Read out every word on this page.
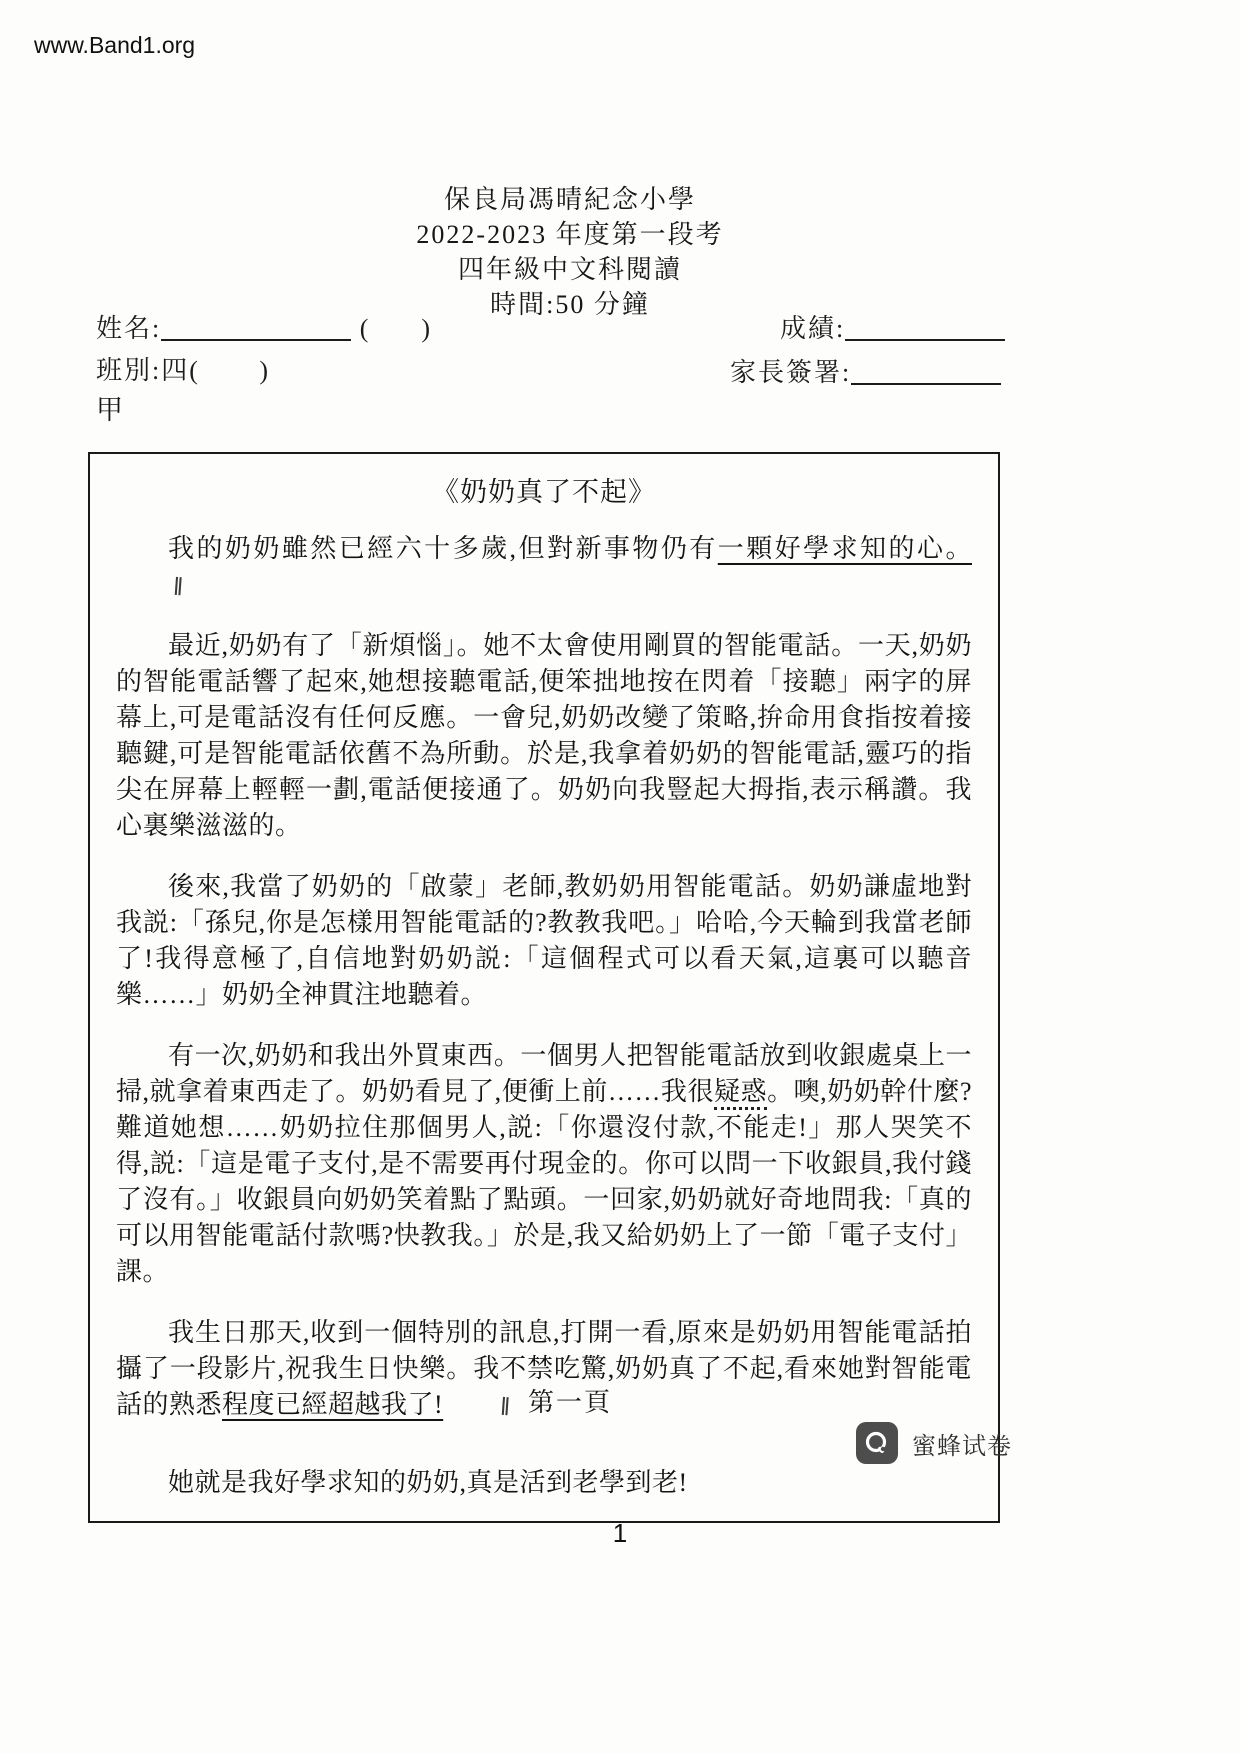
www.Band1.org
保良局馮晴紀念小學
2022-2023 年度第一段考
四年級中文科閱讀
時間:50 分鐘
姓名:	(      )	成績:
班別:四(       )	家長簽署:
甲
《奶奶真了不起》

我的奶奶雖然已經六十多歲,但對新事物仍有一顆好學求知的心。‖

最近,奶奶有了「新煩惱」。她不太會使用剛買的智能電話。一天,奶奶的智能電話響了起來,她想接聽電話,便笨拙地按在閃着「接聽」兩字的屏幕上,可是電話沒有任何反應。一會兒,奶奶改變了策略,拚命用食指按着接聽鍵,可是智能電話依舊不為所動。於是,我拿着奶奶的智能電話,靈巧的指尖在屏幕上輕輕一劃,電話便接通了。奶奶向我豎起大拇指,表示稱讚。我心裏樂滋滋的。

後來,我當了奶奶的「啟蒙」老師,教奶奶用智能電話。奶奶謙虛地對我説:「孫兒,你是怎樣用智能電話的?教教我吧。」哈哈,今天輪到我當老師了!我得意極了,自信地對奶奶説:「這個程式可以看天氣,這裏可以聽音樂……」奶奶全神貫注地聽着。

有一次,奶奶和我出外買東西。一個男人把智能電話放到收銀處桌上一掃,就拿着東西走了。奶奶看見了,便衝上前……我很疑惑。噢,奶奶幹什麼?難道她想……奶奶拉住那個男人,説:「你還沒付款,不能走!」那人哭笑不得,説:「這是電子支付,是不需要再付現金的。你可以問一下收銀員,我付錢了沒有。」收銀員向奶奶笑着點了點頭。一回家,奶奶就好奇地問我:「真的可以用智能電話付款嗎?快教我。」於是,我又給奶奶上了一節「電子支付」課。

我生日那天,收到一個特別的訊息,打開一看,原來是奶奶用智能電話拍攝了一段影片,祝我生日快樂。我不禁吃驚,奶奶真了不起,看來她對智能電話的熟悉程度已經超越我了! ‖

她就是我好學求知的奶奶,真是活到老學到老!

第一頁
蜜蜂试卷
1
